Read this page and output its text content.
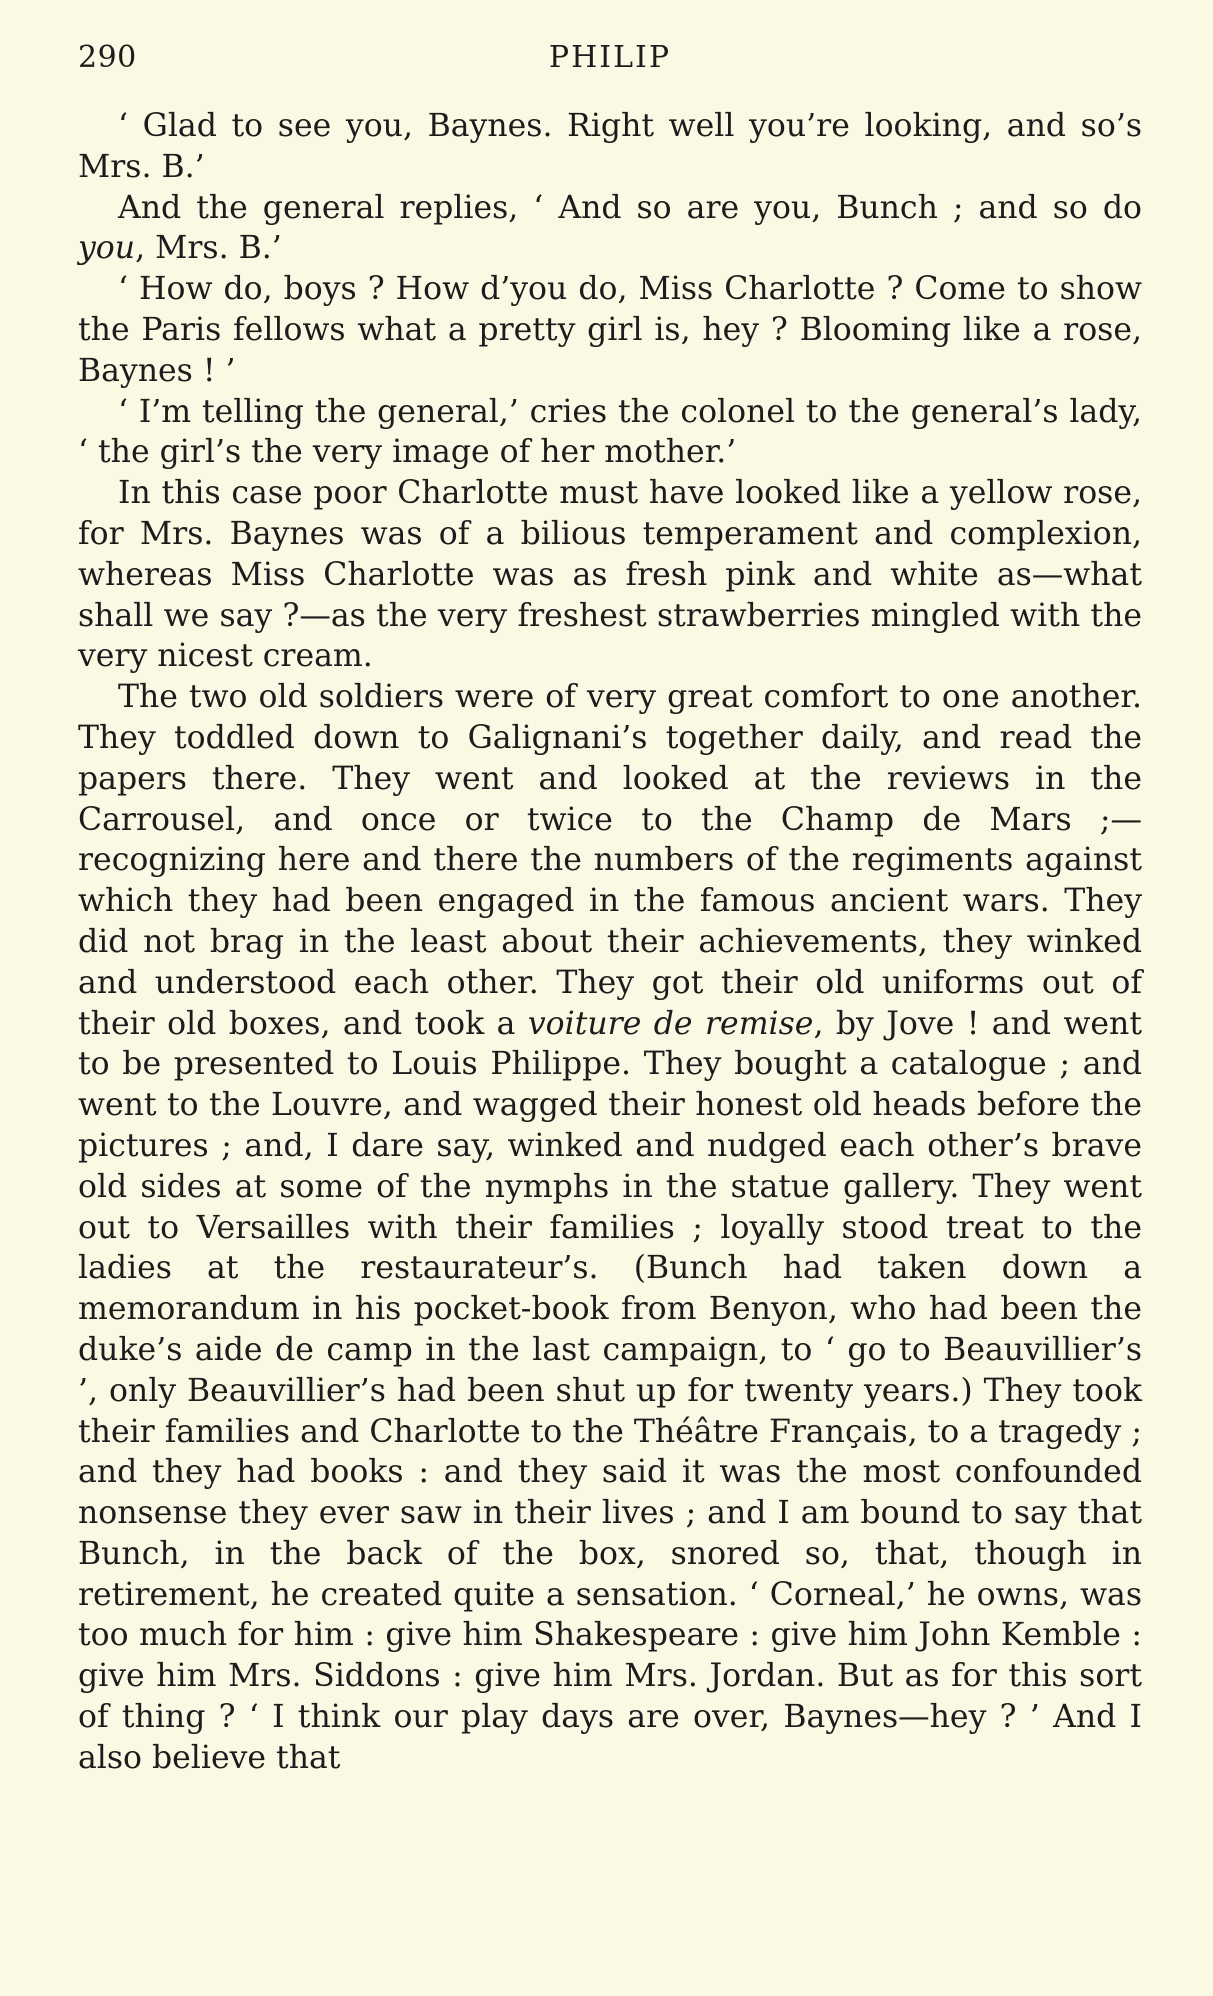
290	PHILIP

‘ Glad to see you, Baynes. Right well you’re looking, and so’s Mrs. B.’

And the general replies, ‘ And so are you, Bunch ; and so do you, Mrs. B.’

‘ How do, boys ? How d’you do, Miss Charlotte ? Come to show the Paris fellows what a pretty girl is, hey ? Blooming like a rose, Baynes ! ’

‘ I’m telling the general,’ cries the colonel to the general’s lady, ‘ the girl’s the very image of her mother.’

In this case poor Charlotte must have looked like a yellow rose, for Mrs. Baynes was of a bilious temperament and complexion, whereas Miss Charlotte was as fresh pink and white as—what shall we say ?—as the very freshest strawberries mingled with the very nicest cream.

The two old soldiers were of very great comfort to one another. They toddled down to Galignani’s together daily, and read the papers there. They went and looked at the reviews in the Carrousel, and once or twice to the Champ de Mars ;—recognizing here and there the numbers of the regiments against which they had been engaged in the famous ancient wars. They did not brag in the least about their achievements, they winked and understood each other. They got their old uniforms out of their old boxes, and took a voiture de remise, by Jove ! and went to be presented to Louis Philippe. They bought a catalogue ; and went to the Louvre, and wagged their honest old heads before the pictures ; and, I dare say, winked and nudged each other’s brave old sides at some of the nymphs in the statue gallery. They went out to Versailles with their families ; loyally stood treat to the ladies at the restaurateur’s. (Bunch had taken down a memorandum in his pocket-book from Benyon, who had been the duke’s aide de camp in the last campaign, to ‘ go to Beauvillier’s ’, only Beauvillier’s had been shut up for twenty years.) They took their families and Charlotte to the Théâtre Français, to a tragedy ; and they had books : and they said it was the most confounded nonsense they ever saw in their lives ; and I am bound to say that Bunch, in the back of the box, snored so, that, though in retirement, he created quite a sensation. ‘ Corneal,’ he owns, was too much for him : give him Shakespeare : give him John Kemble : give him Mrs. Siddons : give him Mrs. Jordan. But as for this sort of thing ? ‘ I think our play days are over, Baynes—hey ? ’ And I also believe that
